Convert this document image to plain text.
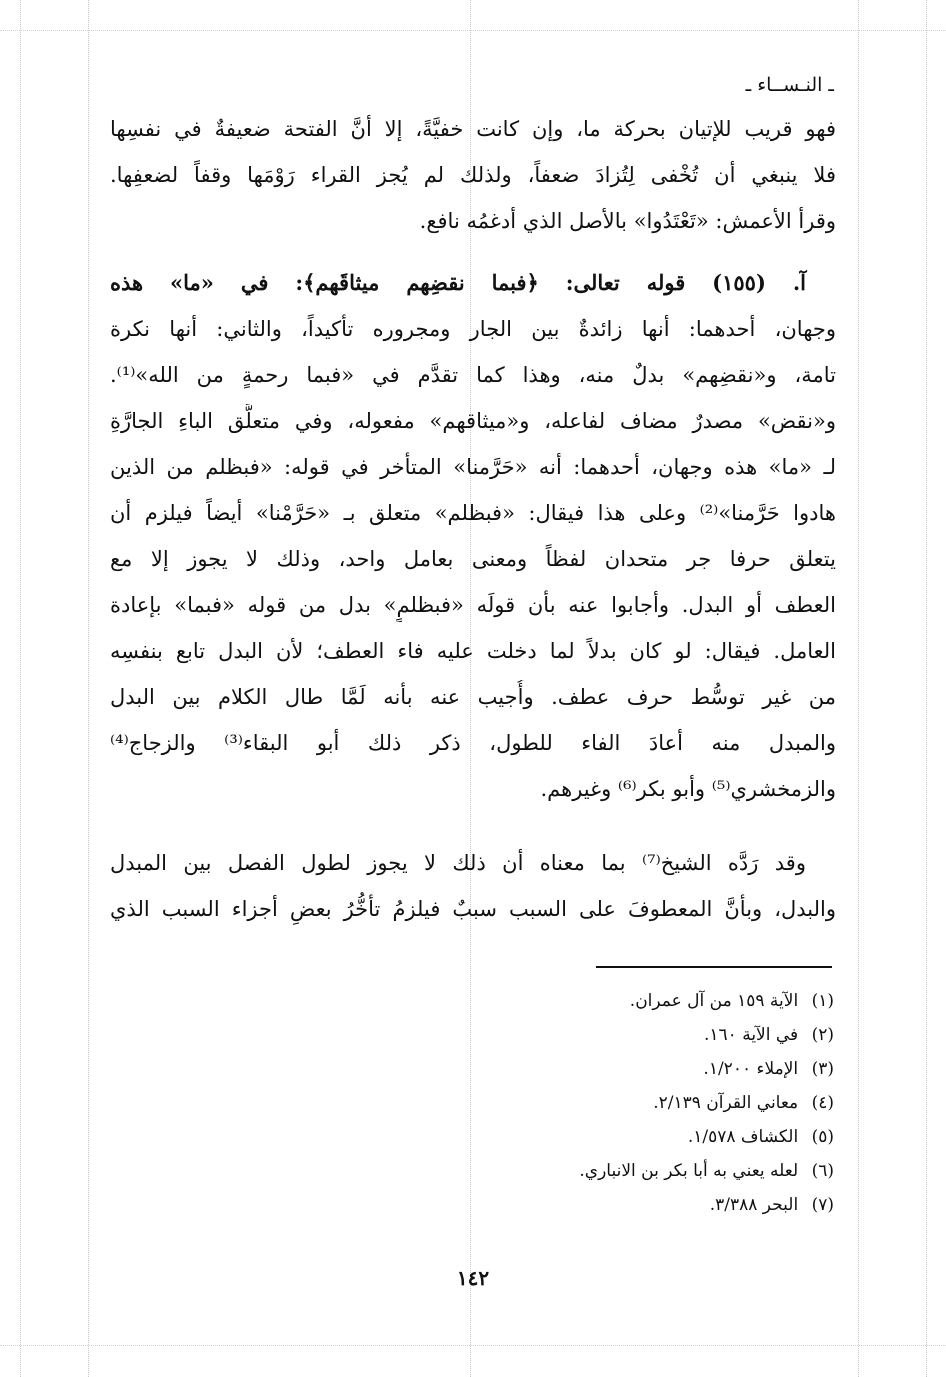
ـ النـســاء ـ
فهو قريب للإتيان بحركة ما، وإن كانت خفيَّةً، إلا أنَّ الفتحة ضعيفةٌ في نفسِها
فلا ينبغي أن تُخْفى لِتُزادَ ضعفاً، ولذلك لم يُجز القراء رَوْمَها وقفاً لضعفِها.
وقرأ الأعمش: «تَعْتَدُوا» بالأصل الذي أدغمُه نافع.
آ. (١٥٥) قوله تعالى: ﴿فبما نقضِهم ميثاقَهم﴾: في «ما» هذه
وجهان، أحدهما: أنها زائدةٌ بين الجار ومجروره تأكيداً، والثاني: أنها نكرة
تامة، و«نقضِهم» بدلٌ منه، وهذا كما تقدَّم في «فبما رحمةٍ من الله»⁽¹⁾.
و«نقض» مصدرٌ مضاف لفاعله، و«ميثاقهم» مفعوله، وفي متعلَّق الباءِ الجارَّةِ
لـ «ما» هذه وجهان، أحدهما: أنه «حَرَّمنا» المتأخر في قوله: «فبظلم من الذين
هادوا حَرَّمنا»⁽²⁾ وعلى هذا فيقال: «فبظلم» متعلق بـ «حَرَّمْنا» أيضاً فيلزم أن
يتعلق حرفا جر متحدان لفظاً ومعنى بعامل واحد، وذلك لا يجوز إلا مع
العطف أو البدل. وأجابوا عنه بأن قولَه «فبظلمٍ» بدل من قوله «فبما» بإعادة
العامل. فيقال: لو كان بدلاً لما دخلت عليه فاء العطف؛ لأن البدل تابع بنفسِه
من غير توسُّط حرف عطف. وأُجيب عنه بأنه لَمَّا طال الكلام بين البدل
والمبدل منه أعادَ الفاء للطول، ذكر ذلك أبو البقاء⁽³⁾ والزجاج⁽⁴⁾
والزمخشري⁽⁵⁾ وأبو بكر⁽⁶⁾ وغيرهم.
وقد رَدَّه الشيخ⁽⁷⁾ بما معناه أن ذلك لا يجوز لطول الفصل بين المبدل
والبدل، وبأنَّ المعطوفَ على السبب سببٌ فيلزمُ تأخُّرُ بعضِ أجزاء السبب الذي
(١) الآية ١٥٩ من آل عمران.
(٢) في الآية ١٦٠.
(٣) الإملاء ١/٢٠٠.
(٤) معاني القرآن ٢/١٣٩.
(٥) الكشاف ١/٥٧٨.
(٦) لعله يعني به أبا بكر بن الانباري.
(٧) البحر ٣/٣٨٨.
١٤٢
